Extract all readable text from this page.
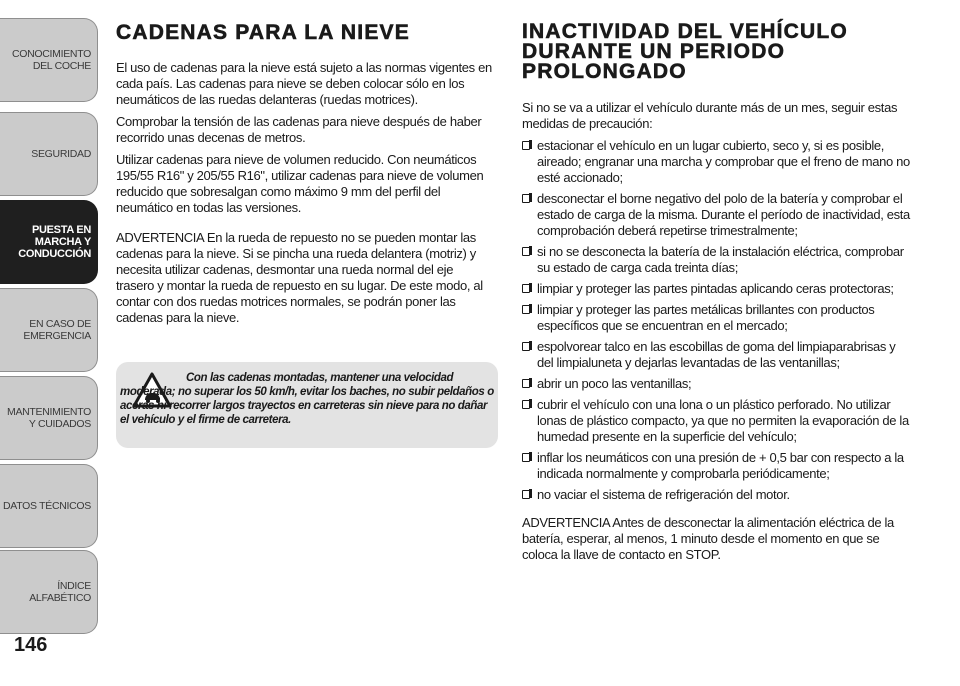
CONOCIMIENTO DEL COCHE
SEGURIDAD
PUESTA EN MARCHA Y CONDUCCIÓN
EN CASO DE EMERGENCIA
MANTENIMIENTO Y CUIDADOS
DATOS TÉCNICOS
ÍNDICE ALFABÉTICO
146
CADENAS PARA LA NIEVE

El uso de cadenas para la nieve está sujeto a las normas vigentes en cada país. Las cadenas para nieve se deben colocar sólo en los neumáticos de las ruedas delanteras (ruedas motrices).

Comprobar la tensión de las cadenas para nieve después de haber recorrido unas decenas de metros.

Utilizar cadenas para nieve de volumen reducido. Con neumáticos 195/55 R16" y 205/55 R16", utilizar cadenas para nieve de volumen reducido que sobresalgan como máximo 9 mm del perfil del neumático en todas las versiones.

ADVERTENCIA En la rueda de repuesto no se pueden montar las cadenas para la nieve. Si se pincha una rueda delantera (motriz) y necesita utilizar cadenas, desmontar una rueda normal del eje trasero y montar la rueda de repuesto en su lugar. De este modo, al contar con dos ruedas motrices normales, se podrán poner las cadenas para la nieve.

Con las cadenas montadas, mantener una velocidad moderada; no superar los 50 km/h, evitar los baches, no subir peldaños o aceras ni recorrer largos trayectos en carreteras sin nieve para no dañar el vehículo y el firme de carretera.

INACTIVIDAD DEL VEHÍCULO DURANTE UN PERIODO PROLONGADO

Si no se va a utilizar el vehículo durante más de un mes, seguir estas medidas de precaución:

estacionar el vehículo en un lugar cubierto, seco y, si es posible, aireado; engranar una marcha y comprobar que el freno de mano no esté accionado;
desconectar el borne negativo del polo de la batería y comprobar el estado de carga de la misma. Durante el período de inactividad, esta comprobación deberá repetirse trimestralmente;
si no se desconecta la batería de la instalación eléctrica, comprobar su estado de carga cada treinta días;
limpiar y proteger las partes pintadas aplicando ceras protectoras;
limpiar y proteger las partes metálicas brillantes con productos específicos que se encuentran en el mercado;
espolvorear talco en las escobillas de goma del limpiaparabrisas y del limpialuneta y dejarlas levantadas de las ventanillas;
abrir un poco las ventanillas;
cubrir el vehículo con una lona o un plástico perforado. No utilizar lonas de plástico compacto, ya que no permiten la evaporación de la humedad presente en la superficie del vehículo;
inflar los neumáticos con una presión de + 0,5 bar con respecto a la indicada normalmente y comprobarla periódicamente;
no vaciar el sistema de refrigeración del motor.

ADVERTENCIA Antes de desconectar la alimentación eléctrica de la batería, esperar, al menos, 1 minuto desde el momento en que se coloca la llave de contacto en STOP.
